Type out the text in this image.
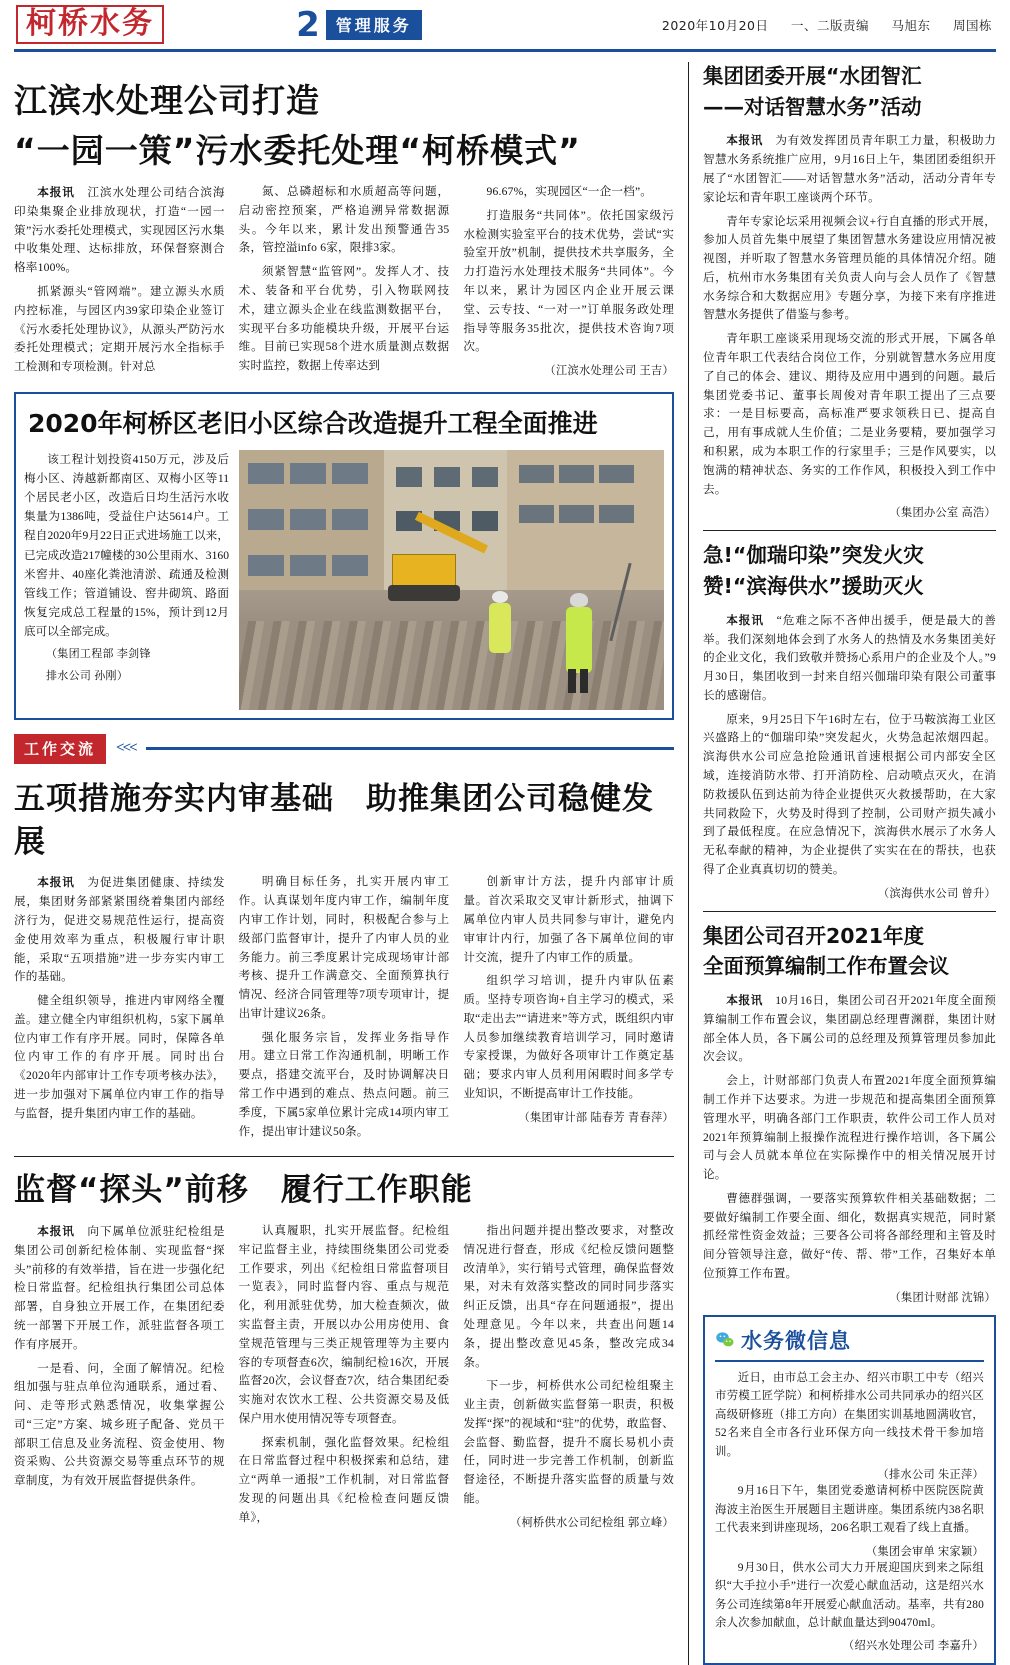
柯桥水务	2	管理服务	2020年10月20日 一、二版责编 马旭东 周国栋
江滨水处理公司打造
“一园一策”污水委托处理“柯桥模式”

本报讯　 江滨水处理公司结合滨海印染集聚企业排放现状，打造“一园一策”污水委托处理模式，实现园区污水集中收集处理、达标排放，环保督察测合格率100%。

抓紧源头“管网端”。建立源头水质内控标准，与园区内39家印染企业签订《污水委托处理协议》，从源头严防污水委托处理模式；定期开展污水全指标手工检测和专项检测。针对总

氮、总磷超标和水质超高等问题，启动密控预案，严格追溯异常数据源头。今年以来，累计发出预警通告35条，管控溢info 6家，限排3家。

须紧智慧“监管网”。发挥人才、技术、装备和平台优势，引入物联网技术，建立源头企业在线监测数据平台，实现平台多功能模块升级，开展平台运维。目前已实现58个进水质量测点数据实时监控，数据上传率达到

96.67%，实现园区“一企一档”。

打造服务“共同体”。依托国家级污水检测实验室平台的技术优势，尝试“实验室开放”机制，提供技术共享服务，全力打造污水处理技术服务“共同体”。今年以来，累计为园区内企业开展云课堂、云专技、“一对一”订单服务政处理指导等服务35批次，提供技术咨询7项次。

（江滨水处理公司 王吉）

2020年柯桥区老旧小区综合改造提升工程全面推进

该工程计划投资4150万元，涉及后梅小区、涛越新都南区、双梅小区等11个居民老小区，改造后日均生活污水收集量为1386吨，受益住户达5614户。工程自2020年9月22日正式进场施工以来，已完成改造217幢楼的30公里雨水、3160米窖井、40座化粪池清淤、疏通及检测管线工作；管道铺设、窖井砌筑、路面恢复完成总工程量的15%，预计到12月底可以全部完成。

（集团工程部 李剑锋

排水公司 孙刚）

工作交流	<<<
五项措施夯实内审基础　助推集团公司稳健发展

本报讯　 为促进集团健康、持续发展，集团财务部紧紧围绕着集团内部经济行为，促进交易规范性运行，提高资金使用效率为重点，积极履行审计职能，采取“五项措施”进一步夯实内审工作的基础。

健全组织领导，推进内审网络全覆盖。建立健全内审组织机构，5家下属单位内审工作有序开展。同时，保障各单位内审工作的有序开展。同时出台《2020年内部审计工作专项考核办法》，进一步加强对下属单位内审工作的指导与监督，提升集团内审工作的基础。

明确目标任务，扎实开展内审工作。认真谋划年度内审工作，编制年度内审工作计划，同时，积极配合参与上级部门监督审计，提升了内审人员的业务能力。前三季度累计完成现场审计部考核、提升工作满意交、全面预算执行情况、经济合同管理等7项专项审计，提出审计建议26条。

强化服务宗旨，发挥业务指导作用。建立日常工作沟通机制，明晰工作要点，搭建交流平台，及时协调解决日常工作中遇到的难点、热点问题。前三季度，下属5家单位累计完成14项内审工作，提出审计建议50条。

创新审计方法，提升内部审计质量。首次采取交叉审计新形式，抽调下属单位内审人员共同参与审计，避免内审审计内行，加强了各下属单位间的审计交流，提升了内审工作的质量。

组织学习培训，提升内审队伍素质。坚持专项咨询+自主学习的模式，采取“走出去”“请进来”等方式，既组织内审人员参加继续教育培训学习，同时邀请专家授课，为做好各项审计工作奠定基础；要求内审人员利用闲暇时间多学专业知识，不断提高审计工作技能。

（集团审计部 陆春芳 青春萍）

监督“探头”前移　履行工作职能

本报讯　 向下属单位派驻纪检组是集团公司创新纪检体制、实现监督“探头”前移的有效举措，旨在进一步强化纪检日常监督。纪检组执行集团公司总体部署，自身独立开展工作，在集团纪委统一部署下开展工作，派驻监督各项工作有序展开。

一是看、问，全面了解情况。纪检组加强与驻点单位沟通联系，通过看、问、走等形式熟悉情况，收集掌握公司“三定”方案、城乡班子配备、党员干部职工信息及业务流程、资金使用、物资采购、公共资源交易等重点环节的规章制度，为有效开展监督提供条件。

认真履职，扎实开展监督。纪检组牢记监督主业，持续围绕集团公司党委工作要求，列出《纪检组日常监督项目一览表》，同时监督内容、重点与规范化，利用派驻优势，加大检查频次，做实监督主责，开展以办公用房使用、食堂规范管理与三类正规管理等为主要内容的专项督查6次，编制纪检16次，开展监督20次，会议督查7次，结合集团纪委实施对农饮水工程、公共资源交易及低保户用水使用情况等专项督查。

探索机制，强化监督效果。纪检组在日常监督过程中积极探索和总结，建立“两单一通报”工作机制，对日常监督发现的问题出具《纪检检查问题反馈单》，

指出问题并提出整改要求，对整改情况进行督查，形成《纪检反馈问题整改清单》，实行销号式管理，确保监督效果，对未有效落实整改的同时同步落实纠正反馈，出具“存在问题通报”，提出处理意见。今年以来，共查出问题14条，提出整改意见45条，整改完成34条。

下一步，柯桥供水公司纪检组聚主业主责，创新做实监督第一职责，积极发挥“探”的视域和“驻”的优势，敢监督、会监督、勤监督，提升不腐长易机小责任，同时进一步完善工作机制，创新监督途径，不断提升落实监督的质量与效能。

（柯桥供水公司纪检组 郭立峰）

集团团委开展“水团智汇
——对话智慧水务”活动

本报讯　 为有效发挥团员青年职工力量，积极助力智慧水务系统推广应用，9月16日上午，集团团委组织开展了“水团智汇——对话智慧水务”活动，活动分青年专家论坛和青年职工座谈两个环节。

青年专家论坛采用视频会议+行自直播的形式开展，参加人员首先集中展望了集团智慧水务建设应用情况被视图，并听取了智慧水务管理员能的具体情况介绍。随后，杭州市水务集团有关负责人向与会人员作了《智慧水务综合和大数据应用》专题分享，为接下来有序推进智慧水务提供了借鉴与参考。

青年职工座谈采用现场交流的形式开展，下属各单位青年职工代表结合岗位工作，分别就智慧水务应用度了自己的体会、建议、期待及应用中遇到的问题。最后集团党委书记、董事长周俊对青年职工提出了三点要求：一是目标要高，高标准严要求领秩日已、提高自己，用有事成就人生价值；二是业务要精，要加强学习和积累，成为本职工作的行家里手；三是作风要实，以饱满的精神状态、务实的工作作风，积极投入到工作中去。

（集团办公室 高浩）

急!“伽瑞印染”突发火灾
赞!“滨海供水”援助灭火

本报讯　 “危难之际不吝伸出援手，便是最大的善举。我们深刻地体会到了水务人的热情及水务集团美好的企业文化，我们致敬并赞扬心系用户的企业及个人。”9月30日，集团收到一封来自绍兴伽瑞印染有限公司董事长的感谢信。

原来，9月25日下午16时左右，位于马鞍滨海工业区兴盛路上的“伽瑞印染”突发起火，火势急起浓烟四起。滨海供水公司应急抢险通讯首速根据公司内部安全区域，连接消防水带、打开消防栓、启动喷点灭火，在消防救援队伍到达前为待企业提供灭火救援帮助，在大家共同救险下，火势及时得到了控制，公司财产损失减小到了最低程度。在应急情况下，滨海供水展示了水务人无私奉献的精神，为企业提供了实实在在的帮扶，也获得了企业真真切切的赞美。

（滨海供水公司 曾升）

集团公司召开2021年度
全面预算编制工作布置会议

本报讯　 10月16日，集团公司召开2021年度全面预算编制工作布置会议，集团副总经理曹渊群，集团计财部全体人员，各下属公司的总经理及预算管理员参加此次会议。

会上，计财部部门负责人布置2021年度全面预算编制工作并下达要求。为进一步规范和提高集团全面预算管理水平，明确各部门工作职责，软件公司工作人员对2021年预算编制上报操作流程进行操作培训，各下属公司与会人员就本单位在实际操作中的相关情况展开讨论。

曹德群强调，一要落实预算软件相关基础数据；二要做好编制工作要全面、细化，数据真实规范，同时紧抓经常性资金效益；三要各公司将各部经理和主管及时间分管领导注意，做好“传、帮、带”工作，召集好本单位预算工作布置。

（集团计财部 沈锦）

水务微信息

近日，由市总工会主办、绍兴市职工中专（绍兴市劳模工匠学院）和柯桥排水公司共同承办的绍兴区高级研修班（排工方向）在集团实训基地圆满收官，52名来自全市各行业环保方向一线技术骨干参加培训。

（排水公司 朱正萍）

9月16日下午，集团党委邀请柯桥中医院医院黄海波主治医生开展题目主题讲座。集团系统内38名职工代表来到讲座现场，206名职工观看了线上直播。

（集团会审单 宋家颖）

9月30日，供水公司大力开展迎国庆到来之际组织“大手拉小手”进行一次爱心献血活动，这是绍兴水务公司连续第8年开展爱心献血活动。基率，共有280余人次参加献血，总计献血量达到90470ml。

（绍兴水处理公司 李嘉升）
